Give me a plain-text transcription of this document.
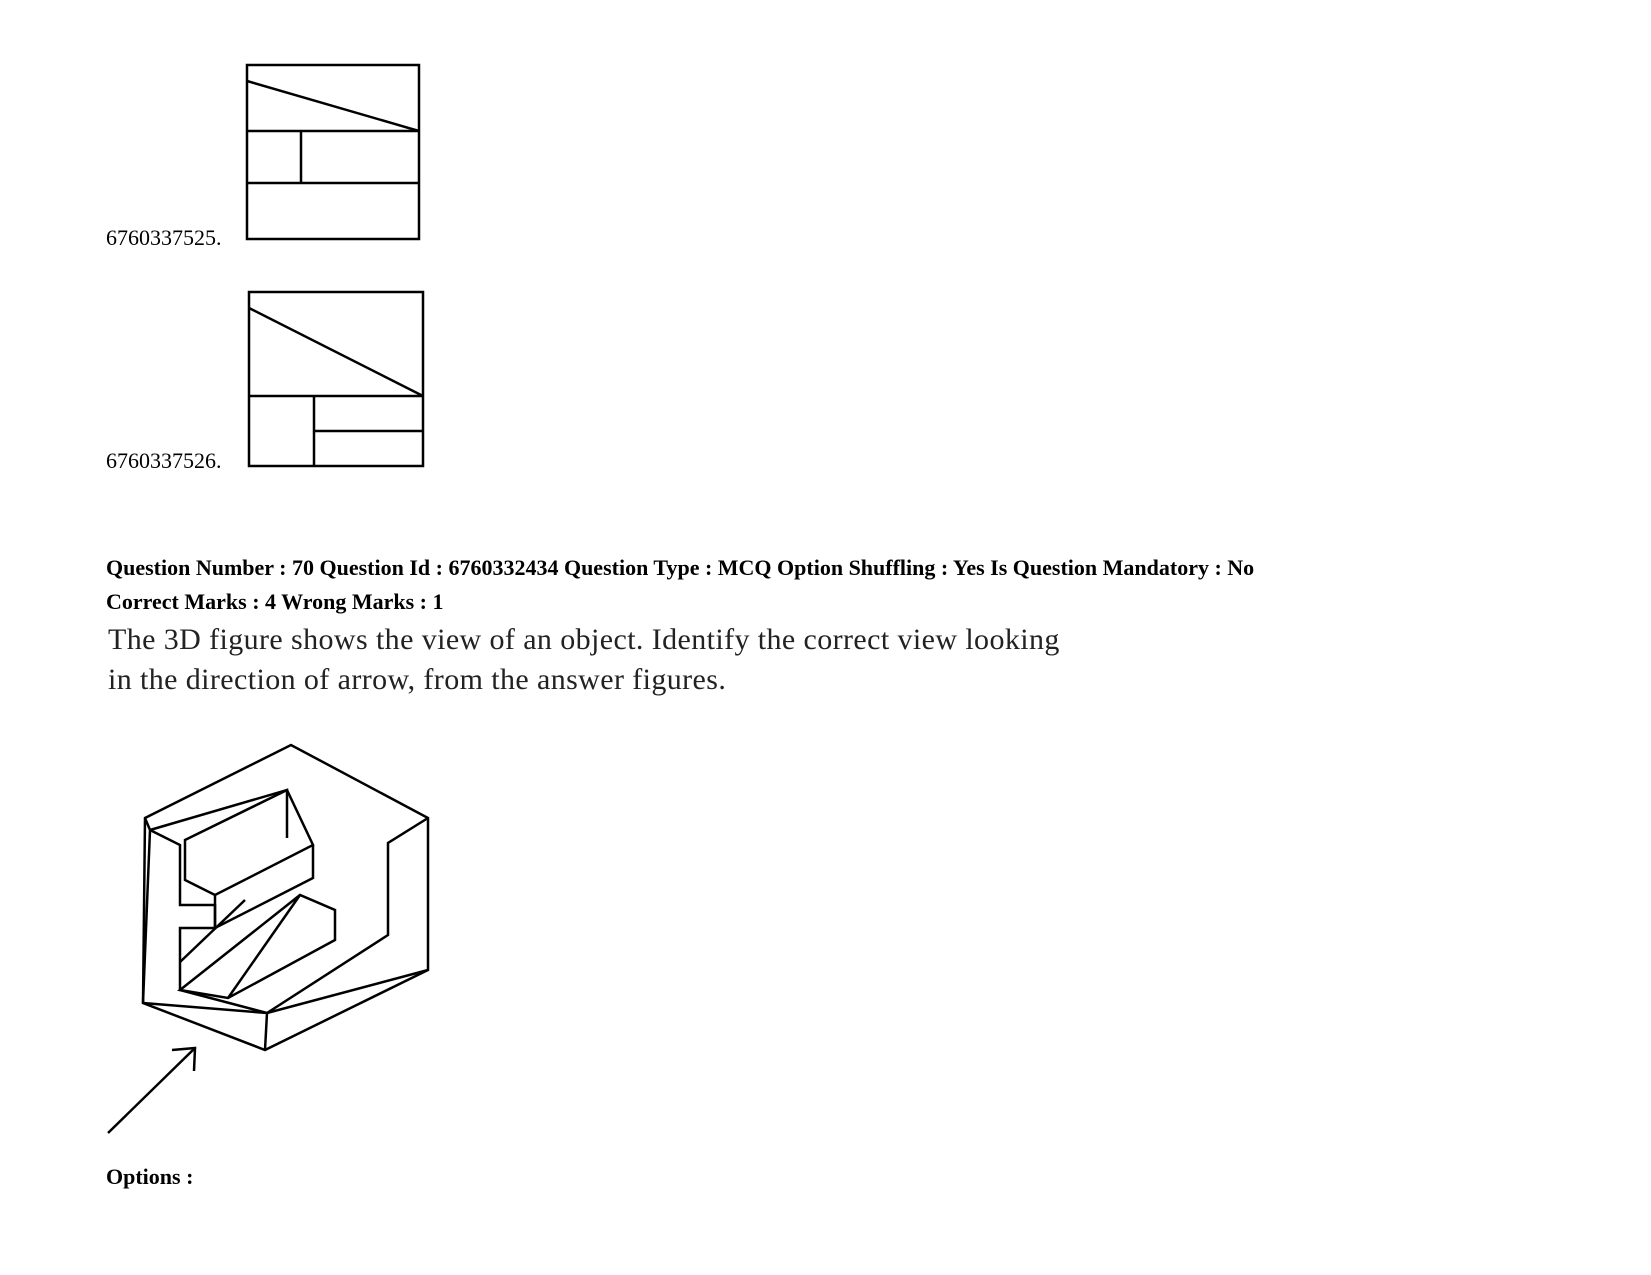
6760337525.
6760337526.
Question Number : 70 Question Id : 6760332434 Question Type : MCQ Option Shuffling : Yes Is Question Mandatory : No
Correct Marks : 4 Wrong Marks : 1
The 3D figure shows the view of an object. Identify the correct view looking
in the direction of arrow, from the answer figures.
Options :
